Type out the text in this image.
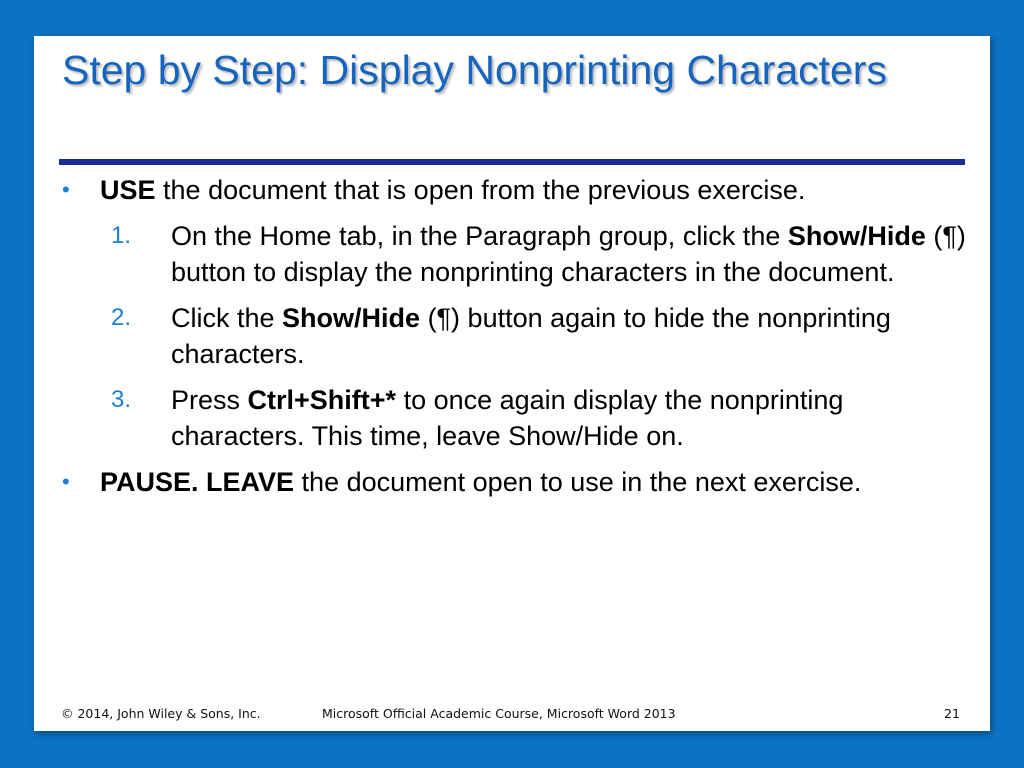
Step by Step: Display Nonprinting Characters
• USE the document that is open from the previous exercise.
1. On the Home tab, in the Paragraph group, click the Show/Hide (¶) button to display the nonprinting characters in the document.
2. Click the Show/Hide (¶) button again to hide the nonprinting characters.
3. Press Ctrl+Shift+* to once again display the nonprinting characters. This time, leave Show/Hide on.
• PAUSE. LEAVE the document open to use in the next exercise.
© 2014, John Wiley & Sons, Inc.	Microsoft Official Academic Course, Microsoft Word 2013	21
